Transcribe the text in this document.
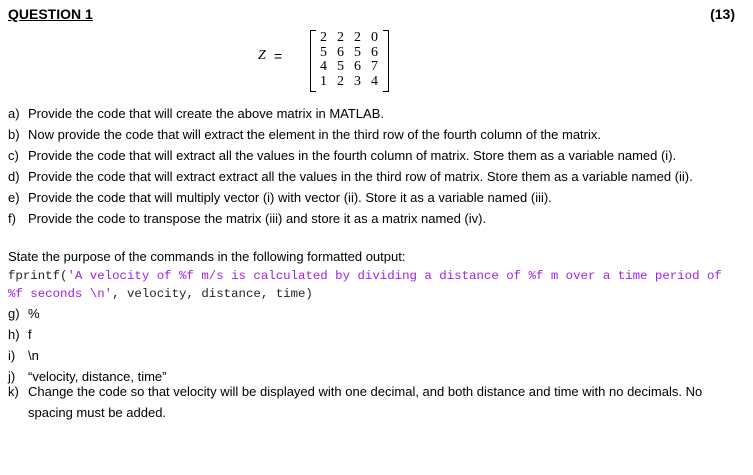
QUESTION 1	(13)
Z =
2 2 2 0
5 6 5 6
4 5 6 7
1 2 3 4
a) Provide the code that will create the above matrix in MATLAB.
b) Now provide the code that will extract the element in the third row of the fourth column of the matrix.
c) Provide the code that will extract all the values in the fourth column of matrix. Store them as a variable named (i).
d) Provide the code that will extract extract all the values in the third row of matrix. Store them as a variable named (ii).
e) Provide the code that will multiply vector (i) with vector (ii). Store it as a variable named (iii).
f) Provide the code to transpose the matrix (iii) and store it as a matrix named (iv).
State the purpose of the commands in the following formatted output:
fprintf('A velocity of %f m/s is calculated by dividing a distance of %f m over a time period of %f seconds \n', velocity, distance, time)
g) %
h) f
i) \n
j) “velocity, distance, time”
k) Change the code so that velocity will be displayed with one decimal, and both distance and time with no decimals. No spacing must be added.
